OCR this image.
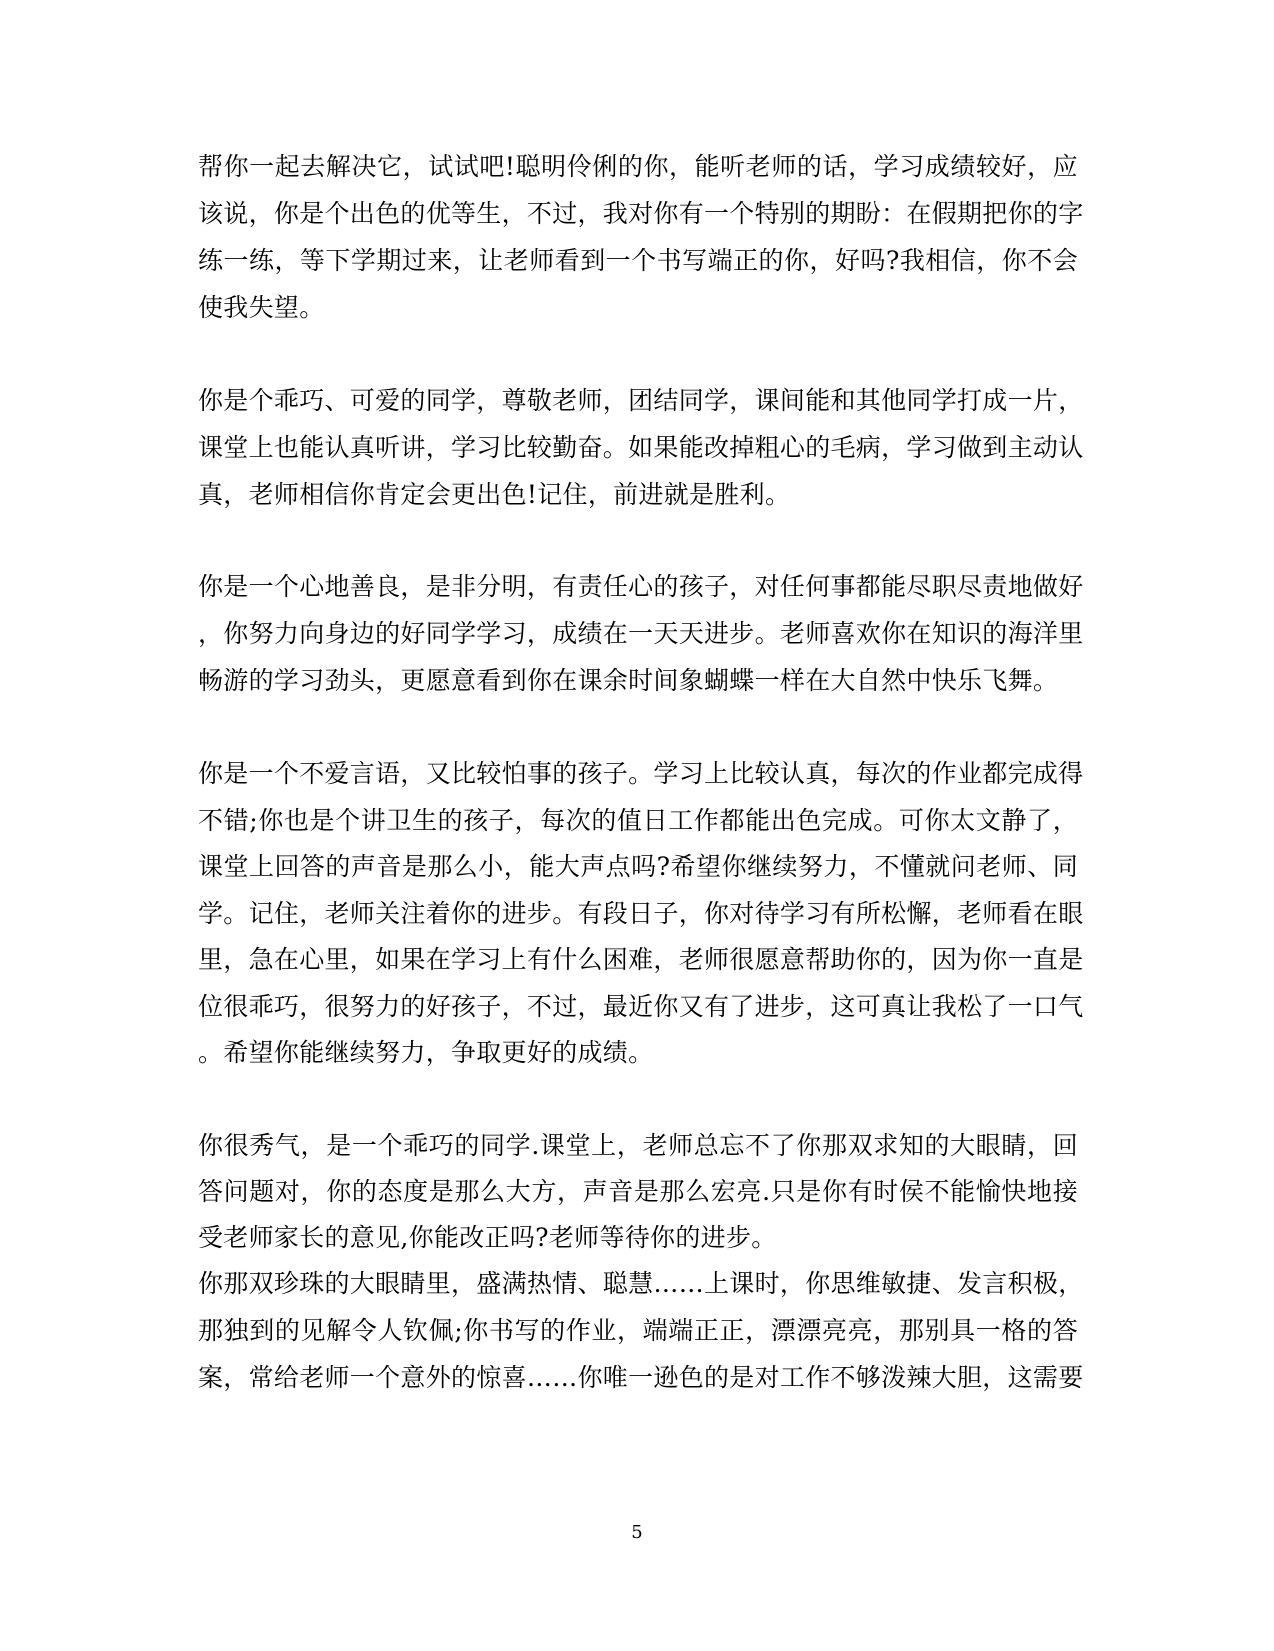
帮你一起去解决它，试试吧!聪明伶俐的你，能听老师的话，学习成绩较好，应
该说，你是个出色的优等生，不过，我对你有一个特别的期盼：在假期把你的字
练一练，等下学期过来，让老师看到一个书写端正的你，好吗?我相信，你不会
使我失望。
你是个乖巧、可爱的同学，尊敬老师，团结同学，课间能和其他同学打成一片，
课堂上也能认真听讲，学习比较勤奋。如果能改掉粗心的毛病，学习做到主动认
真，老师相信你肯定会更出色!记住，前进就是胜利。
你是一个心地善良，是非分明，有责任心的孩子，对任何事都能尽职尽责地做好
，你努力向身边的好同学学习，成绩在一天天进步。老师喜欢你在知识的海洋里
畅游的学习劲头，更愿意看到你在课余时间象蝴蝶一样在大自然中快乐飞舞。
你是一个不爱言语，又比较怕事的孩子。学习上比较认真，每次的作业都完成得
不错;你也是个讲卫生的孩子，每次的值日工作都能出色完成。可你太文静了，
课堂上回答的声音是那么小，能大声点吗?希望你继续努力，不懂就问老师、同
学。记住，老师关注着你的进步。有段日子，你对待学习有所松懈，老师看在眼
里，急在心里，如果在学习上有什么困难，老师很愿意帮助你的，因为你一直是
位很乖巧，很努力的好孩子，不过，最近你又有了进步，这可真让我松了一口气
。希望你能继续努力，争取更好的成绩。
你很秀气，是一个乖巧的同学.课堂上，老师总忘不了你那双求知的大眼睛，回
答问题对，你的态度是那么大方，声音是那么宏亮.只是你有时侯不能愉快地接
受老师家长的意见,你能改正吗?老师等待你的进步。
你那双珍珠的大眼睛里，盛满热情、聪慧……上课时，你思维敏捷、发言积极，
那独到的见解令人钦佩;你书写的作业，端端正正，漂漂亮亮，那别具一格的答
案，常给老师一个意外的惊喜……你唯一逊色的是对工作不够泼辣大胆，这需要
5
